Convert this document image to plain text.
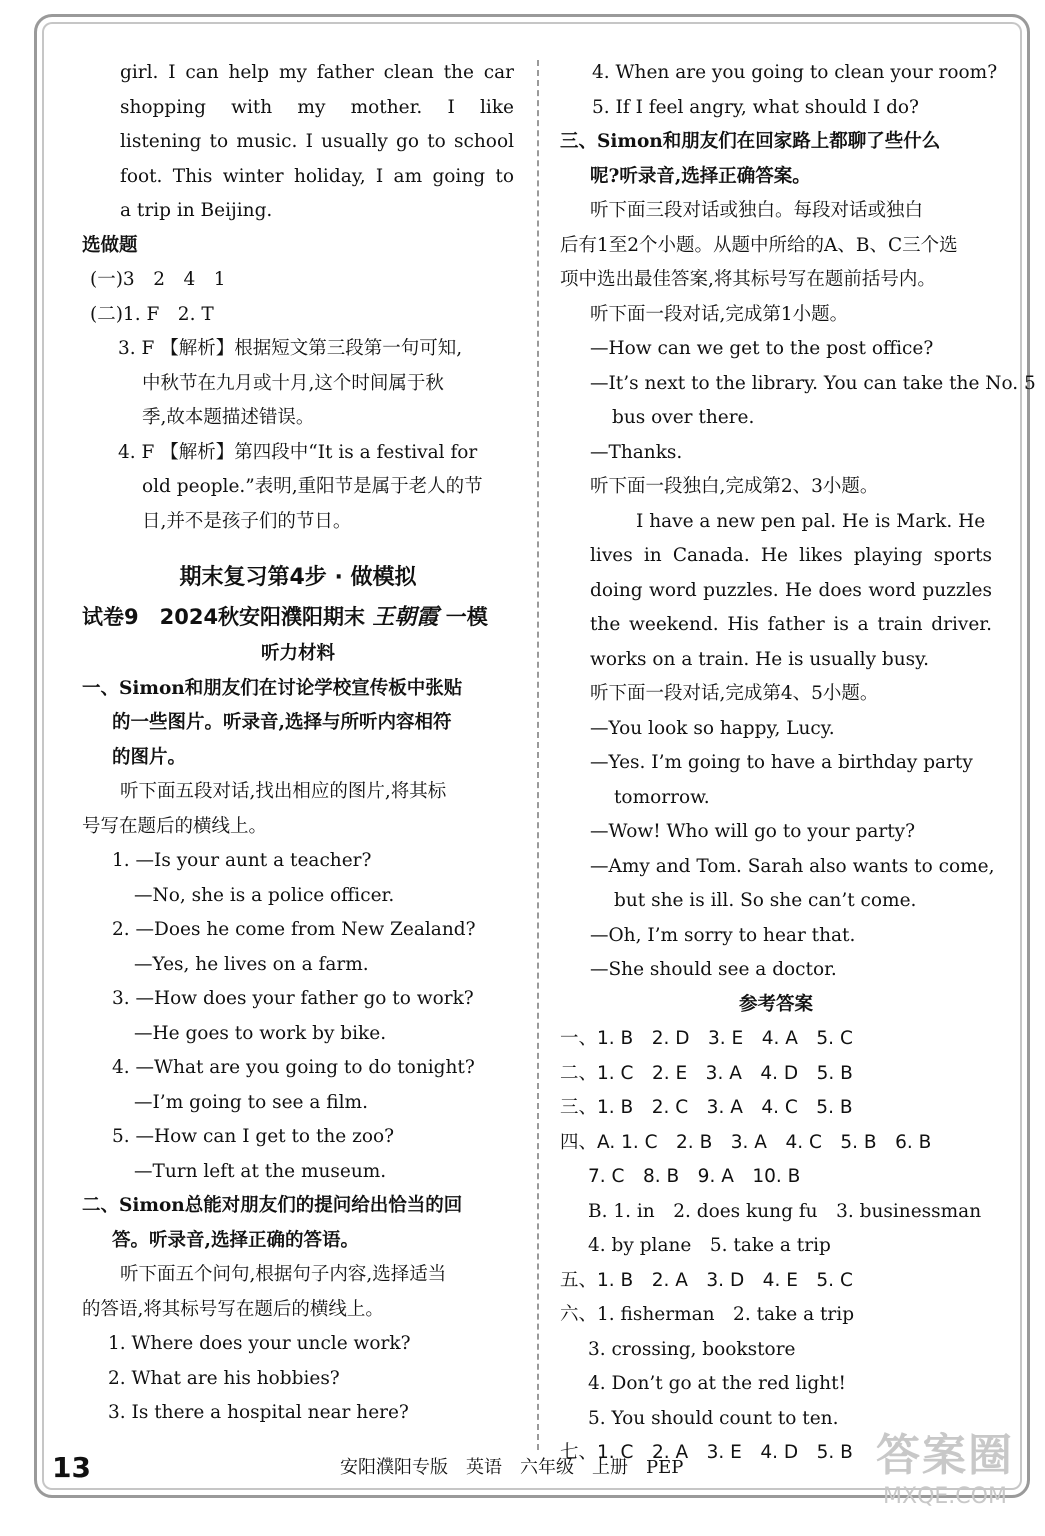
girl. I can help my father clean the car
shopping with my mother. I like
listening to music. I usually go to school
foot. This winter holiday, I am going to
a trip in Beijing.
选做题
(一)3　2　4　1
(二)1. F　2. T
3. F 【解析】根据短文第三段第一句可知,
中秋节在九月或十月,这个时间属于秋
季,故本题描述错误。
4. F 【解析】第四段中“It is a festival for
old people.”表明,重阳节是属于老人的节
日,并不是孩子们的节日。
期末复习第4步 · 做模拟
试卷9　2024秋安阳濮阳期末 王朝霞 一模
听力材料
一、Simon和朋友们在讨论学校宣传板中张贴
的一些图片。听录音,选择与所听内容相符
的图片。
听下面五段对话,找出相应的图片,将其标
号写在题后的横线上。
1. —Is your aunt a teacher?
—No, she is a police officer.
2. —Does he come from New Zealand?
—Yes, he lives on a farm.
3. —How does your father go to work?
—He goes to work by bike.
4. —What are you going to do tonight?
—I’m going to see a film.
5. —How can I get to the zoo?
—Turn left at the museum.
二、Simon总能对朋友们的提问给出恰当的回
答。听录音,选择正确的答语。
听下面五个问句,根据句子内容,选择适当
的答语,将其标号写在题后的横线上。
1. Where does your uncle work?
2. What are his hobbies?
3. Is there a hospital near here?
4. When are you going to clean your room?
5. If I feel angry, what should I do?
三、Simon和朋友们在回家路上都聊了些什么
呢?听录音,选择正确答案。
听下面三段对话或独白。每段对话或独白
后有1至2个小题。从题中所给的A、B、C三个选
项中选出最佳答案,将其标号写在题前括号内。
听下面一段对话,完成第1小题。
—How can we get to the post office?
—It’s next to the library. You can take the No. 5
bus over there.
—Thanks.
听下面一段独白,完成第2、3小题。
I have a new pen pal. He is Mark. He
lives in Canada. He likes playing sports
doing word puzzles. He does word puzzles
the weekend. His father is a train driver.
works on a train. He is usually busy.
听下面一段对话,完成第4、5小题。
—You look so happy, Lucy.
—Yes. I’m going to have a birthday party
tomorrow.
—Wow! Who will go to your party?
—Amy and Tom. Sarah also wants to come,
but she is ill. So she can’t come.
—Oh, I’m sorry to hear that.
—She should see a doctor.
参考答案
一、1. B　2. D　3. E　4. A　5. C
二、1. C　2. E　3. A　4. D　5. B
三、1. B　2. C　3. A　4. C　5. B
四、A. 1. C　2. B　3. A　4. C　5. B　6. B
7. C　8. B　9. A　10. B
B. 1. in　2. does kung fu　3. businessman
4. by plane　5. take a trip
五、1. B　2. A　3. D　4. E　5. C
六、1. fisherman　2. take a trip
3. crossing, bookstore
4. Don’t go at the red light!
5. You should count to ten.
七、1. C　2. A　3. E　4. D　5. B
13	安阳濮阳专版　英语　六年级　上册　PEP	答案圈
MXQE.COM
